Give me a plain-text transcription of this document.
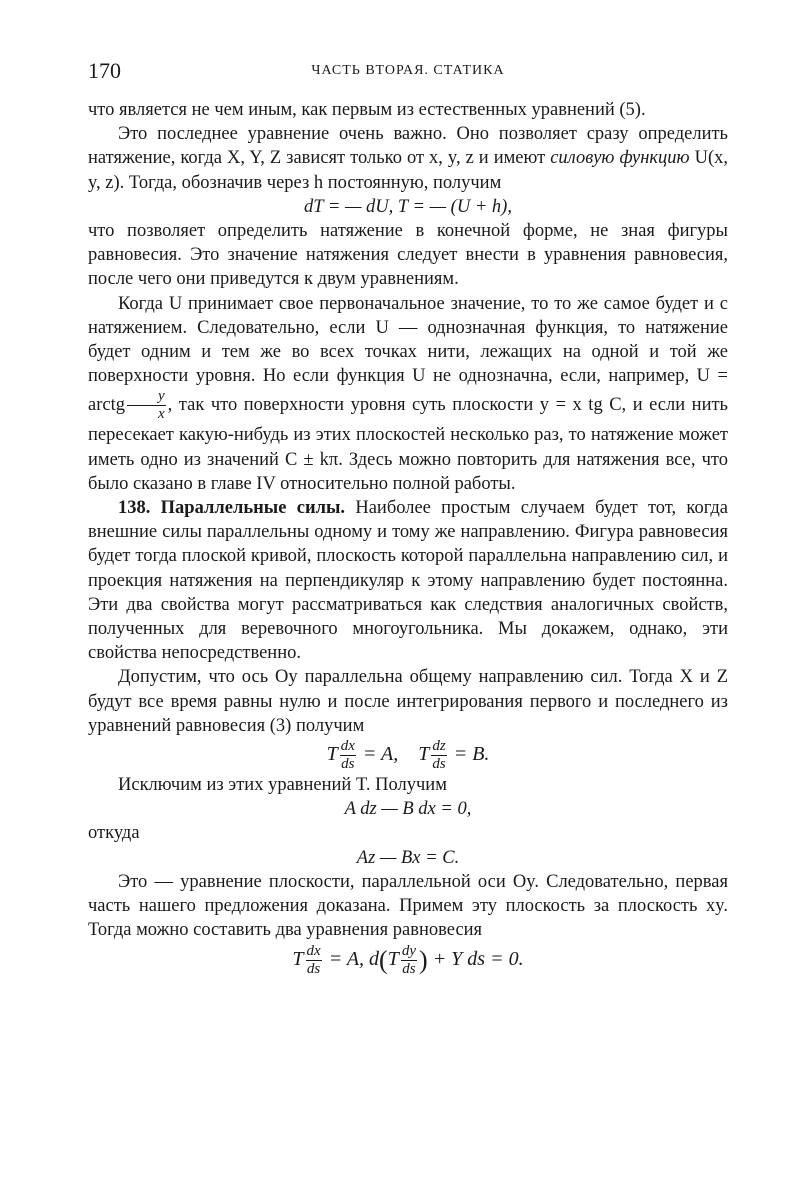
170	ЧАСТЬ ВТОРАЯ. СТАТИКА

что является не чем иным, как первым из естественных уравнений (5).

Это последнее уравнение очень важно. Оно позволяет сразу определить натяжение, когда X, Y, Z зависят только от x, y, z и имеют силовую функцию U(x, y, z). Тогда, обозначив через h постоянную, получим

dT = — dU, T = — (U + h),

что позволяет определить натяжение в конечной форме, не зная фигуры равновесия. Это значение натяжения следует внести в уравнения равновесия, после чего они приведутся к двум уравнениям.

Когда U принимает свое первоначальное значение, то то же самое будет и с натяжением. Следовательно, если U — однозначная функция, то натяжение будет одним и тем же во всех точках нити, лежащих на одной и той же поверхности уровня. Но если функция U не однозначна, если, например, U = arctg $\frac{y}{x}$ , так что поверхности уровня суть плоскости y = x tg C, и если нить пересекает какую-нибудь из этих плоскостей несколько раз, то натяжение может иметь одно из значений C ± kπ. Здесь можно повторить для натяжения все, что было сказано в главе IV относительно полной работы.

138. Параллельные силы. Наиболее простым случаем будет тот, когда внешние силы параллельны одному и тому же направлению. Фигура равновесия будет тогда плоской кривой, плоскость которой параллельна направлению сил, и проекция натяжения на перпендикуляр к этому направлению будет постоянна. Эти два свойства могут рассматриваться как следствия аналогичных свойств, полученных для веревочного многоугольника. Мы докажем, однако, эти свойства непосредственно.

Допустим, что ось Oy параллельна общему направлению сил. Тогда X и Z будут все время равны нулю и после интегрирования первого и последнего из уравнений равновесия (3) получим

T $\frac{dx}{ds} = A$, T $\frac{dz}{ds} = B$.

Исключим из этих уравнений T. Получим

A dz — B dx = 0,

откуда

Az — Bx = C.

Это — уравнение плоскости, параллельной оси Oy. Следовательно, первая часть нашего предложения доказана. Примем эту плоскость за плоскость xy. Тогда можно составить два уравнения равновесия

T $\frac{dx}{ds} = A$, $d(T \frac{dy}{ds}$ ) + Y ds = 0.
